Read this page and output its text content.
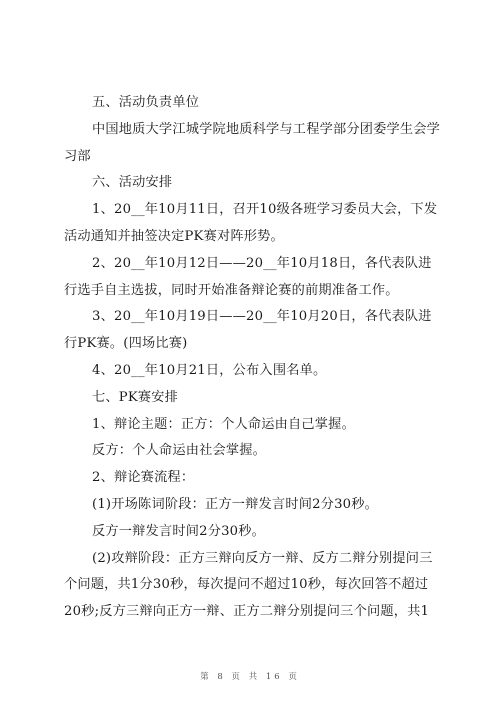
五、活动负责单位
中国地质大学江城学院地质科学与工程学部分团委学生会学
习部
六、活动安排
1、20__年10月11日，召开10级各班学习委员大会，下发
活动通知并抽签决定PK赛对阵形势。
2、20__年10月12日——20__年10月18日，各代表队进
行选手自主选拔，同时开始准备辩论赛的前期准备工作。
3、20__年10月19日——20__年10月20日，各代表队进
行PK赛。(四场比赛)
4、20__年10月21日，公布入围名单。
七、PK赛安排
1、辩论主题：正方：个人命运由自己掌握。
反方：个人命运由社会掌握。
2、辩论赛流程：
(1)开场陈词阶段：正方一辩发言时间2分30秒。
反方一辩发言时间2分30秒。
(2)攻辩阶段：正方三辩向反方一辩、反方二辩分别提问三
个问题，共1分30秒，每次提问不超过10秒，每次回答不超过
20秒;反方三辩向正方一辩、正方二辩分别提问三个问题，共1
第 8 页 共 16 页
